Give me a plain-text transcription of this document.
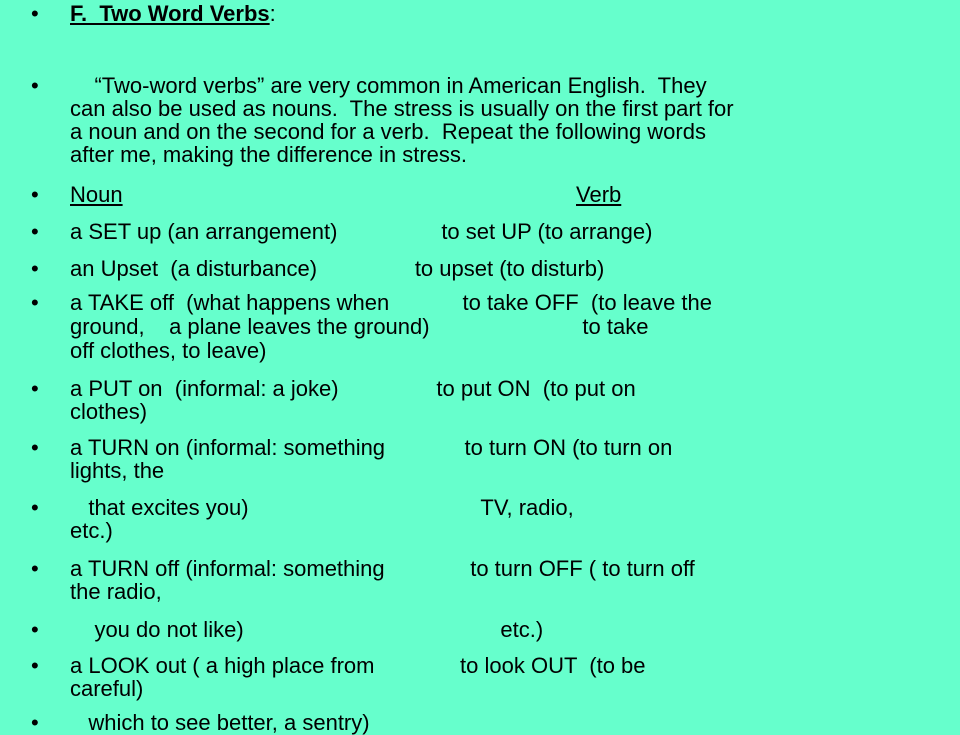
• F.  Two Word Verbs:
• “Two-word verbs” are very common in American English.  They
can also be used as nouns.  The stress is usually on the first part for
a noun and on the second for a verb.  Repeat the following words
after me, making the difference in stress.
• Noun	Verb
• a SET up (an arrangement)                 to set UP (to arrange)
• an Upset  (a disturbance)                to upset (to disturb)
• a TAKE off  (what happens when            to take OFF  (to leave the
ground,    a plane leaves the ground)                         to take
off clothes, to leave)
• a PUT on  (informal: a joke)                to put ON  (to put on
clothes)
• a TURN on (informal: something             to turn ON (to turn on
lights, the
• that excites you)                                      TV, radio,
etc.)
• a TURN off (informal: something              to turn OFF ( to turn off
the radio,
• you do not like)                                          etc.)
• a LOOK out ( a high place from              to look OUT  (to be
careful)
• which to see better, a sentry)
